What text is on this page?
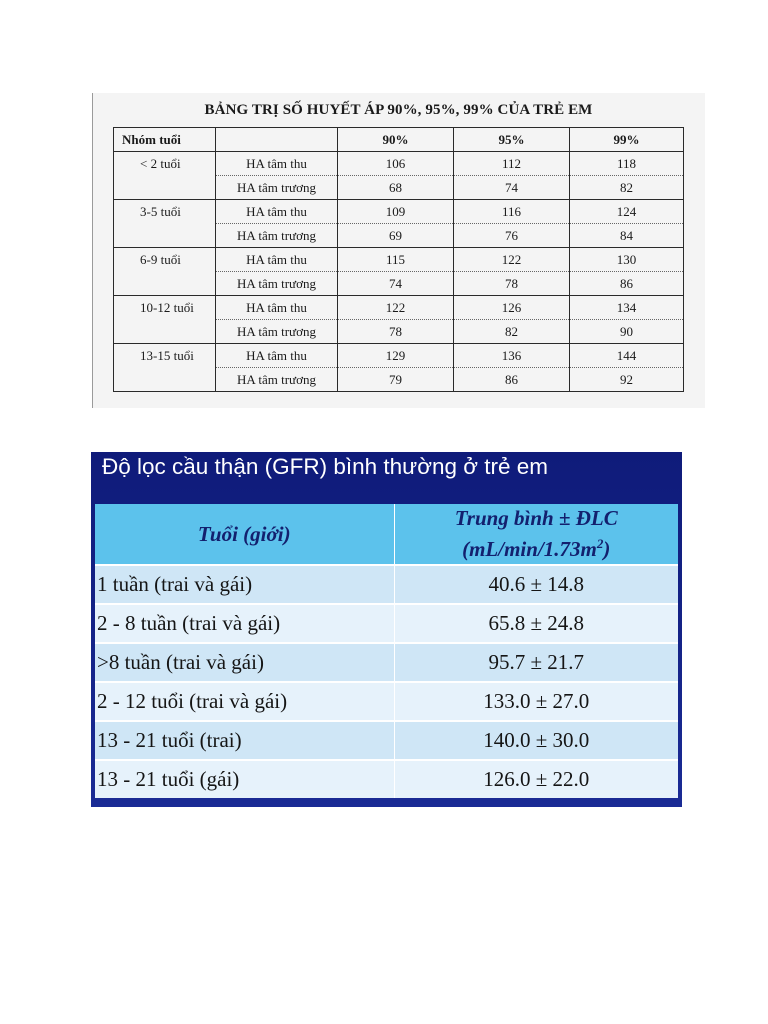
BẢNG TRỊ SỐ HUYẾT ÁP 90%, 95%, 99% CỦA TRẺ EM
Nhóm tuổi		90%	95%	99%
< 2 tuổi	HA tâm thu	106	112	118
	HA tâm trương	68	74	82
3-5 tuổi	HA tâm thu	109	116	124
	HA tâm trương	69	76	84
6-9 tuổi	HA tâm thu	115	122	130
	HA tâm trương	74	78	86
10-12 tuổi	HA tâm thu	122	126	134
	HA tâm trương	78	82	90
13-15 tuổi	HA tâm thu	129	136	144
	HA tâm trương	79	86	92
Độ lọc cầu thận (GFR) bình thường ở trẻ em
Tuổi (giới)	Trung bình ± ĐLC
$(mL/\min/1.73m^2)$
1 tuần (trai và gái)	40.6 ± 14.8
2 - 8 tuần (trai và gái)	65.8 ± 24.8
>8 tuần (trai và gái)	95.7 ± 21.7
2 - 12 tuổi (trai và gái)	133.0 ± 27.0
13 - 21 tuổi (trai)	140.0 ± 30.0
13 - 21 tuổi (gái)	126.0 ± 22.0
